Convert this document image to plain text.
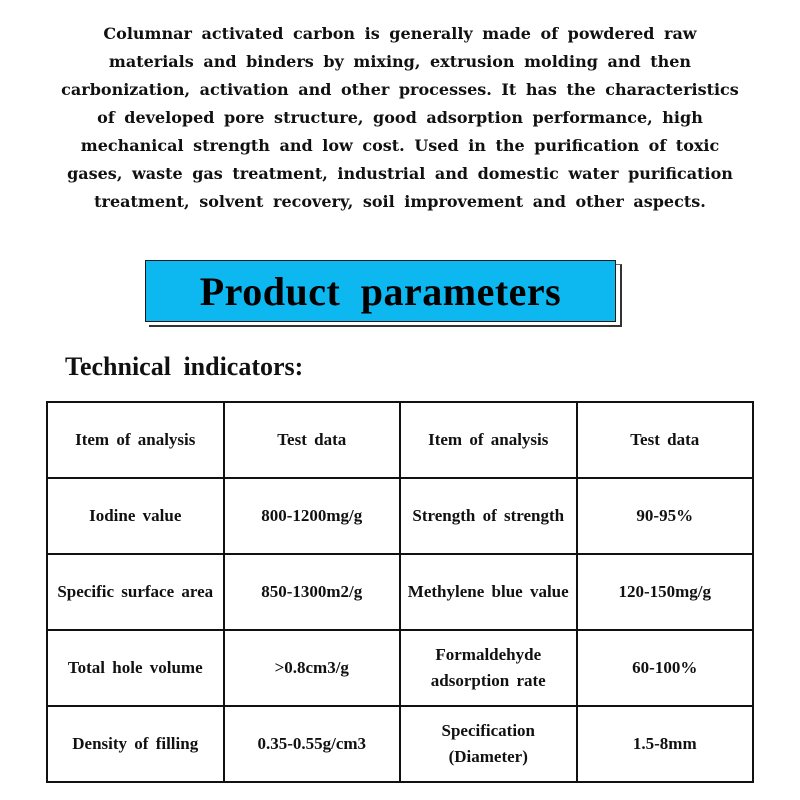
Columnar activated carbon is generally made of powdered raw materials and binders by mixing, extrusion molding and then carbonization, activation and other processes. It has the characteristics of developed pore structure, good adsorption performance, high mechanical strength and low cost. Used in the purification of toxic gases, waste gas treatment, industrial and domestic water purification treatment, solvent recovery, soil improvement and other aspects.
Product parameters
Technical indicators:
Item of analysis	Test data	Item of analysis	Test data
Iodine value	800-1200mg/g	Strength of strength	90-95%
Specific surface area	850-1300m2/g	Methylene blue value	120-150mg/g
Total hole volume	>0.8cm3/g	Formaldehyde adsorption rate	60-100%
Density of filling	0.35-0.55g/cm3	Specification (Diameter)	1.5-8mm
